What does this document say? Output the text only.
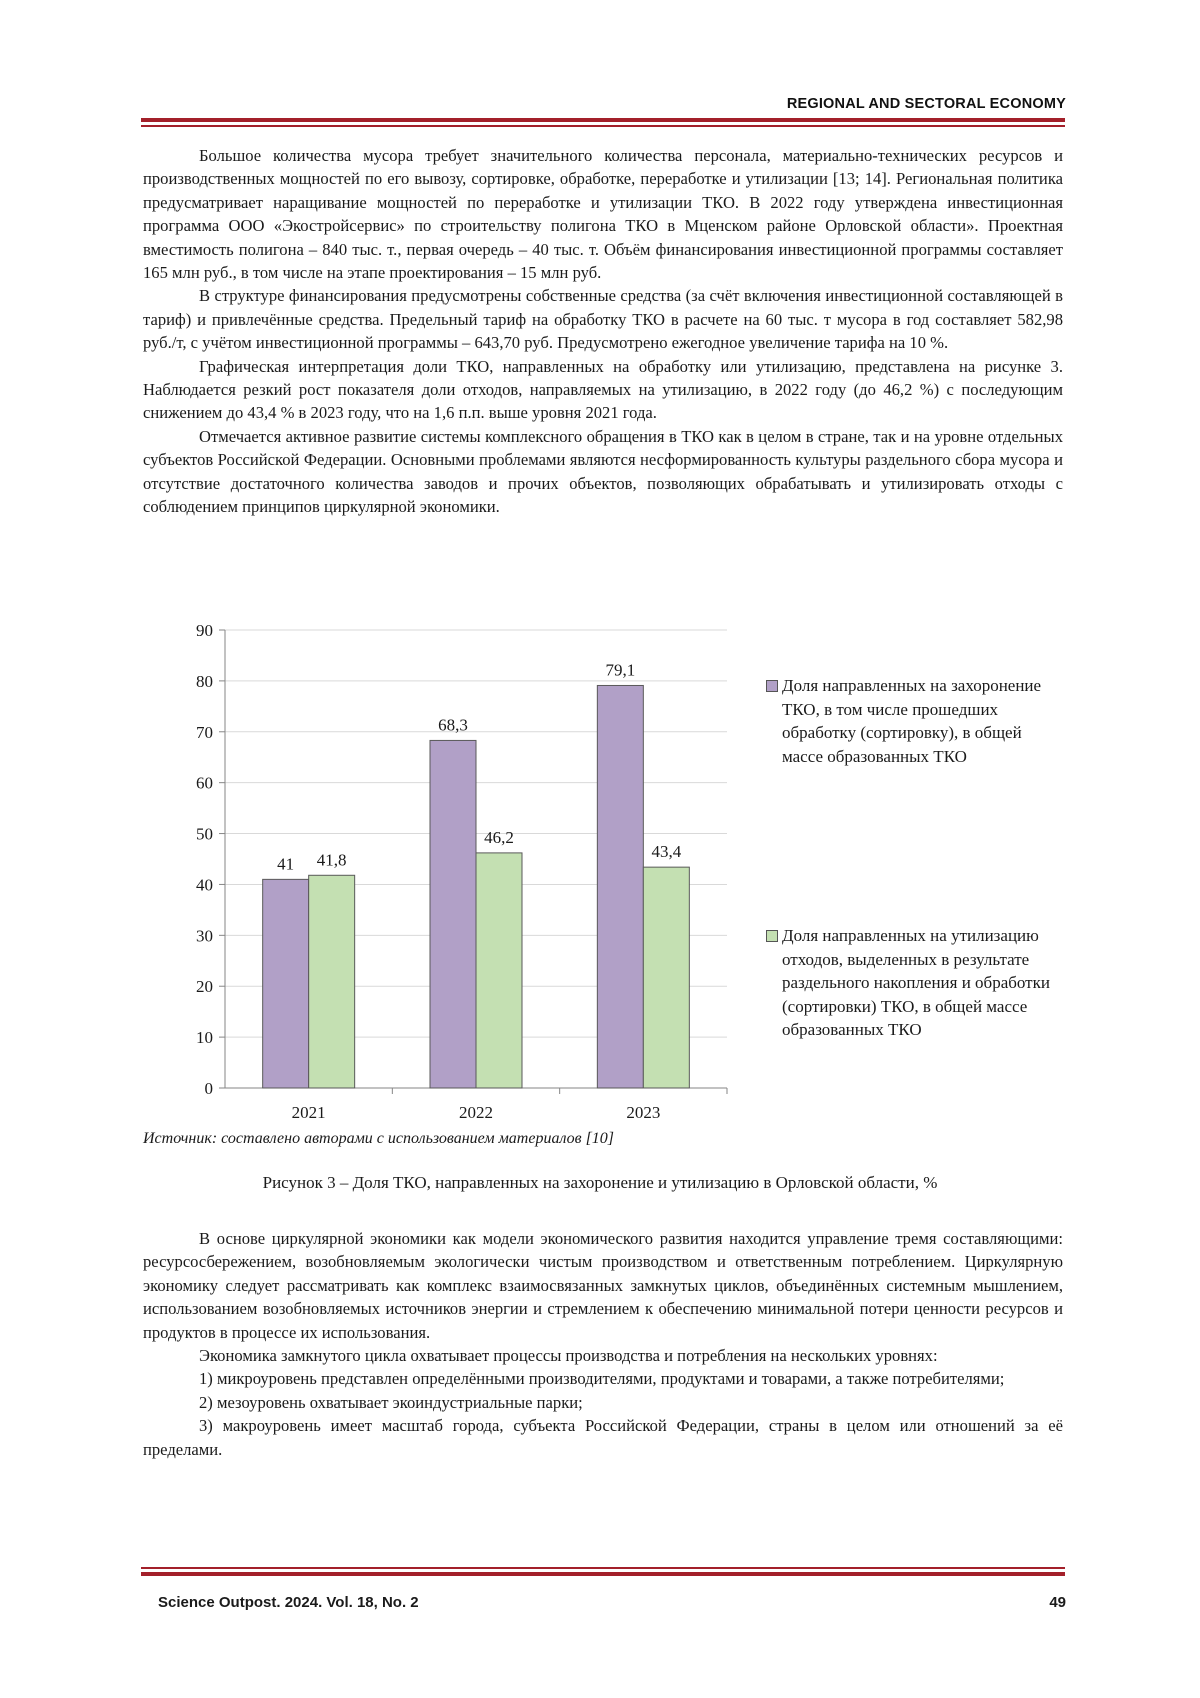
REGIONAL AND SECTORAL ECONOMY

Большое количества мусора требует значительного количества персонала, материально-технических ресурсов и производственных мощностей по его вывозу, сортировке, обработке, переработке и утилизации [13; 14]. Региональная политика предусматривает наращивание мощностей по переработке и утилизации ТКО. В 2022 году утверждена инвестиционная программа ООО «Экостройсервис» по строительству полигона ТКО в Мценском районе Орловской области». Проектная вместимость полигона – 840 тыс. т., первая очередь – 40 тыс. т. Объём финансирования инвестиционной программы составляет 165 млн руб., в том числе на этапе проектирования – 15 млн руб.

В структуре финансирования предусмотрены собственные средства (за счёт включения инвестиционной составляющей в тариф) и привлечённые средства. Предельный тариф на обработку ТКО в расчете на 60 тыс. т мусора в год составляет 582,98 руб./т, с учётом инвестиционной программы – 643,70 руб. Предусмотрено ежегодное увеличение тарифа на 10 %.

Графическая интерпретация доли ТКО, направленных на обработку или утилизацию, представлена на рисунке 3. Наблюдается резкий рост показателя доли отходов, направляемых на утилизацию, в 2022 году (до 46,2 %) с последующим снижением до 43,4 % в 2023 году, что на 1,6 п.п. выше уровня 2021 года.

Отмечается активное развитие системы комплексного обращения в ТКО как в целом в стране, так и на уровне отдельных субъектов Российской Федерации. Основными проблемами являются несформированность культуры раздельного сбора мусора и отсутствие достаточного количества заводов и прочих объектов, позволяющих обрабатывать и утилизировать отходы с соблюдением принципов циркулярной экономики.

0
10
20
30
40
50
60
70
80
90
41 41,8
2021
68,3
46,2
2022
79,1
43,4
2023
Доля направленных на захоронение ТКО, в том числе прошедших обработку (сортировку), в общей массе образованных ТКО
Доля направленных на утилизацию отходов, выделенных в результате раздельного накопления и обработки (сортировки) ТКО, в общей массе образованных ТКО
Источник: составлено авторами с использованием материалов [10]
Рисунок 3 – Доля ТКО, направленных на захоронение и утилизацию в Орловской области, %

В основе циркулярной экономики как модели экономического развития находится управление тремя составляющими: ресурсосбережением, возобновляемым экологически чистым производством и ответственным потреблением. Циркулярную экономику следует рассматривать как комплекс взаимосвязанных замкнутых циклов, объединённых системным мышлением, использованием возобновляемых источников энергии и стремлением к обеспечению минимальной потери ценности ресурсов и продуктов в процессе их использования.

Экономика замкнутого цикла охватывает процессы производства и потребления на нескольких уровнях:

1) микроуровень представлен определёнными производителями, продуктами и товарами, а также потребителями;

2) мезоуровень охватывает экоиндустриальные парки;

3) макроуровень имеет масштаб города, субъекта Российской Федерации, страны в целом или отношений за её пределами.

Science Outpost. 2024. Vol. 18, No. 2	49
